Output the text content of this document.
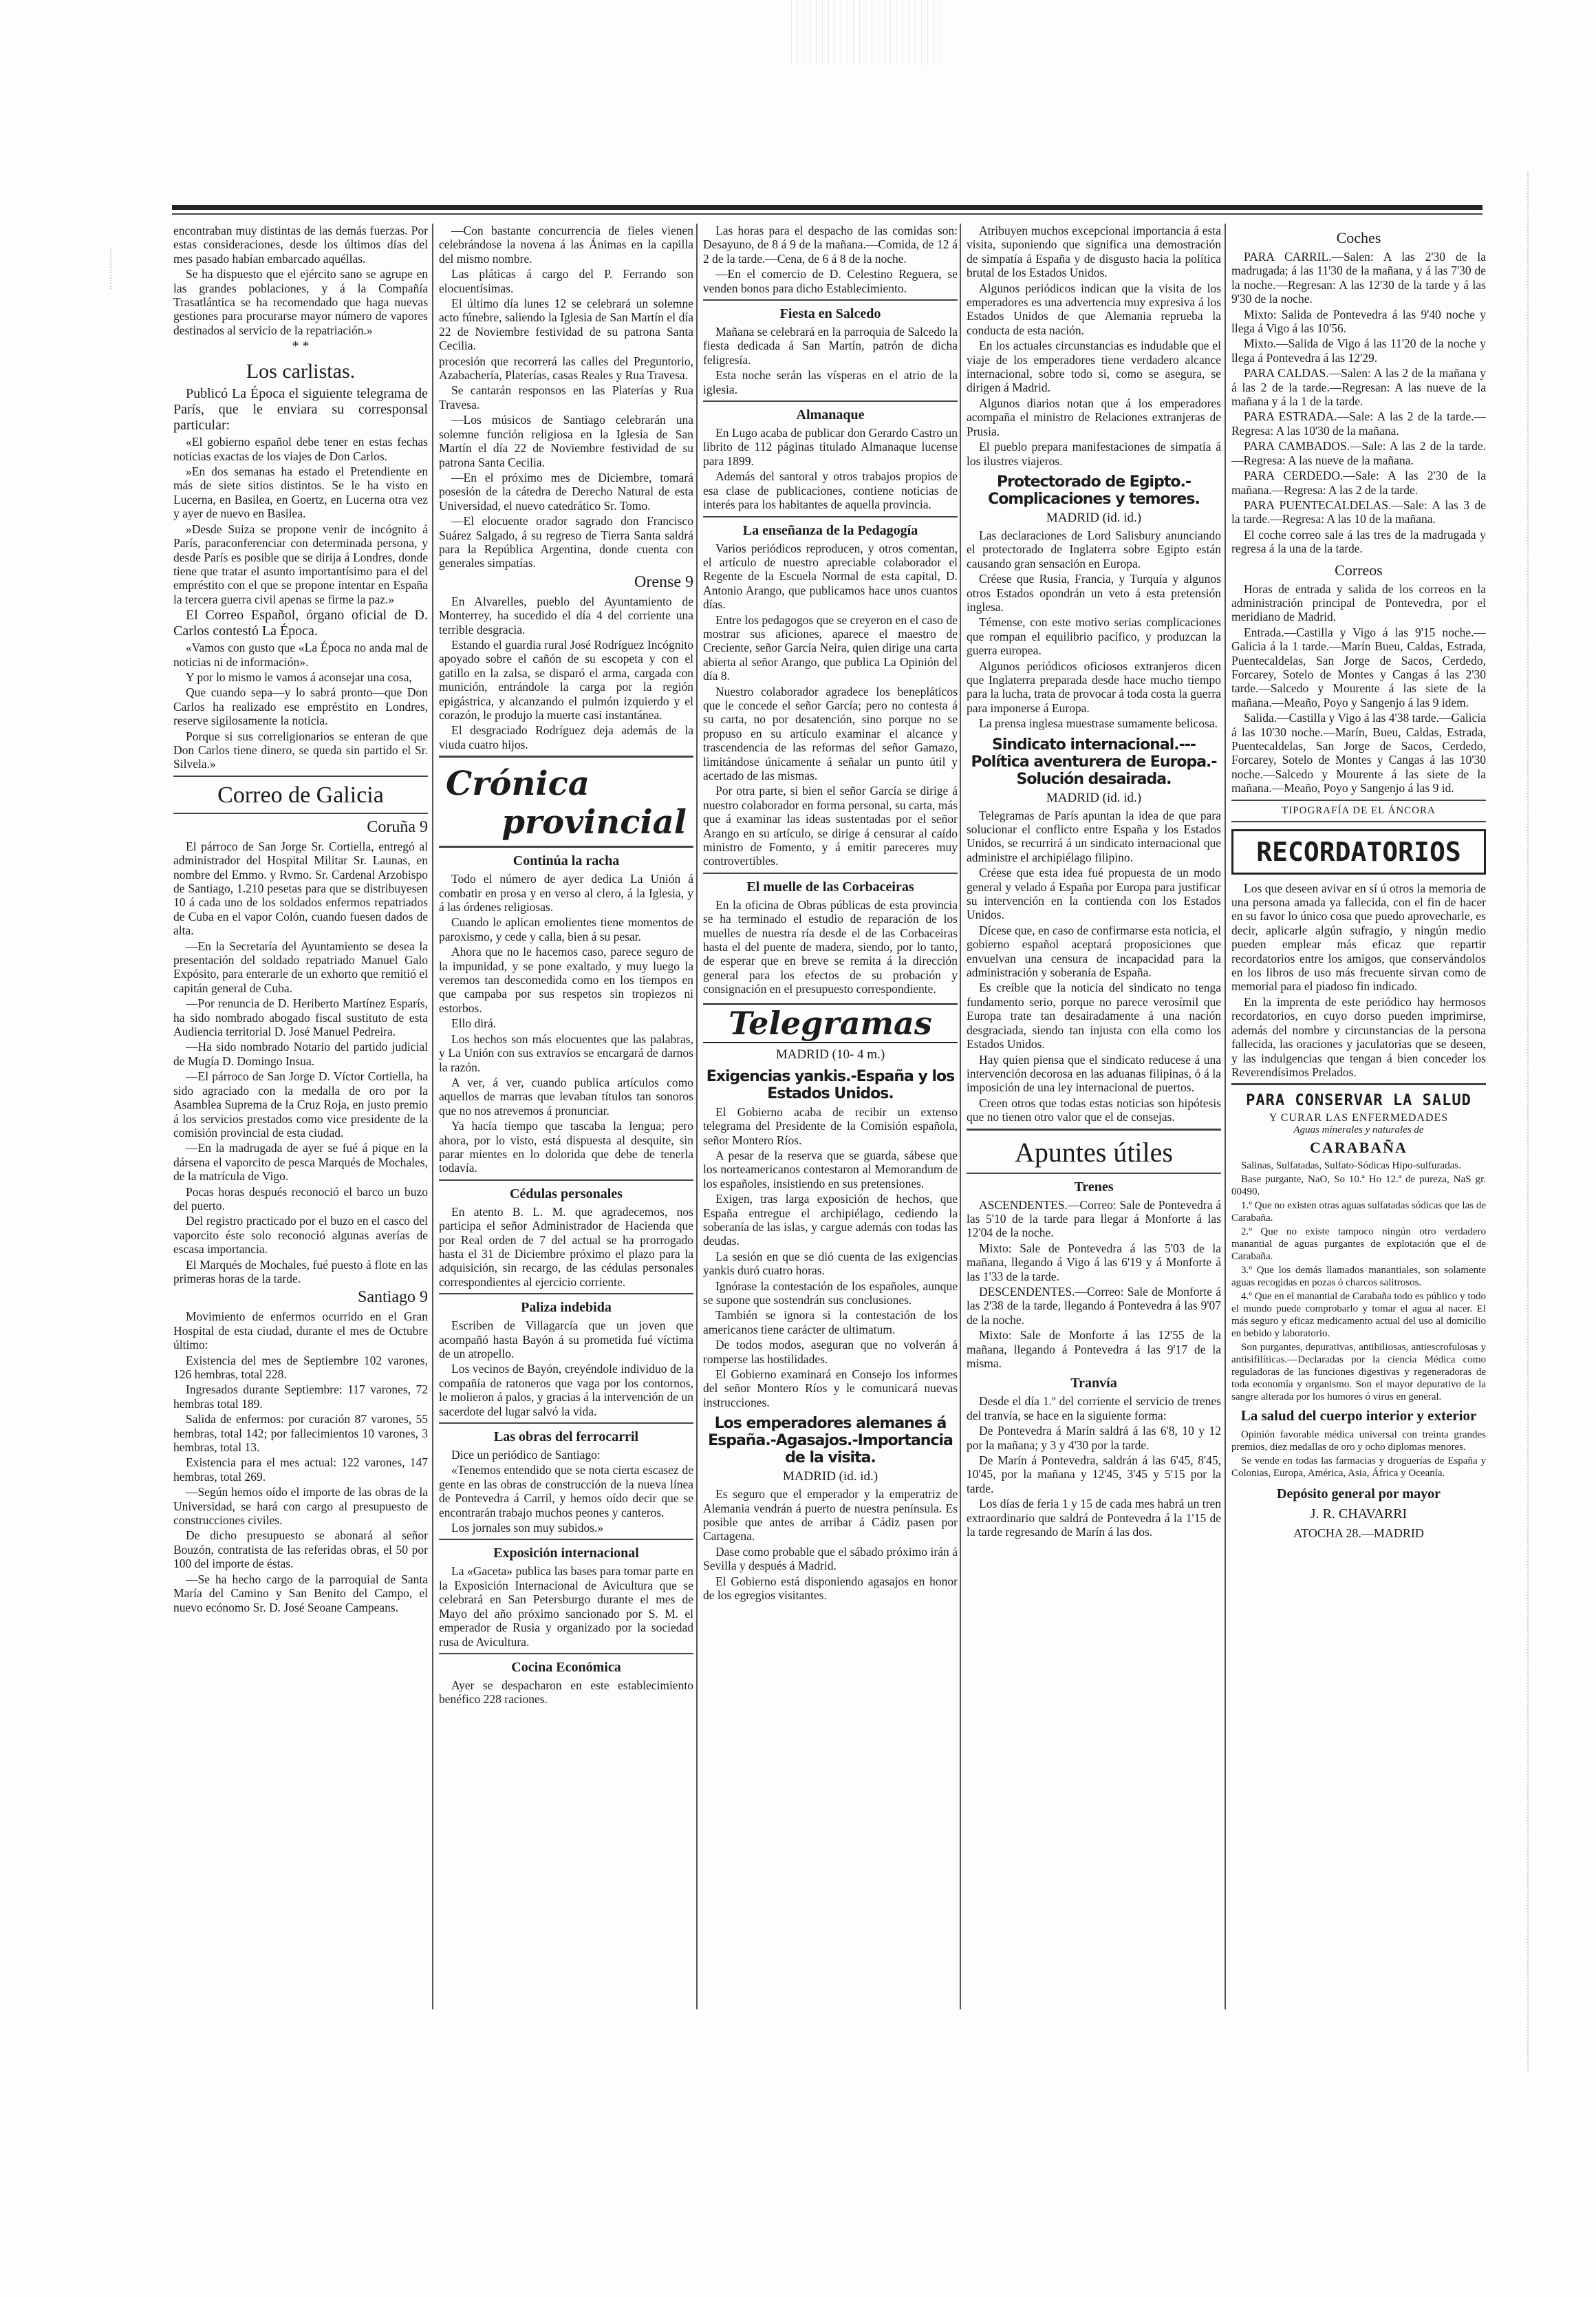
encontraban muy distintas de las demás fuerzas. Por estas consideraciones, desde los últimos días del mes pasado habían embarcado aquéllas.

Se ha dispuesto que el ejército sano se agrupe en las grandes poblaciones, y á la Compañía Trasatlántica se ha recomendado que haga nuevas gestiones para procurarse mayor número de vapores destinados al servicio de la repatriación.»

* *
Los carlistas.

Publicó La Época el siguiente telegrama de París, que le enviara su corresponsal particular:

«El gobierno español debe tener en estas fechas noticias exactas de los viajes de Don Carlos.

»En dos semanas ha estado el Pretendiente en más de siete sitios distintos. Se le ha visto en Lucerna, en Basilea, en Goertz, en Lucerna otra vez y ayer de nuevo en Basilea.

»Desde Suiza se propone venir de incógnito á París, paraconferenciar con determinada persona, y desde París es posible que se dirija á Londres, donde tiene que tratar el asunto importantísimo para el del empréstito con el que se propone intentar en España la tercera guerra civil apenas se firme la paz.»

El Correo Español, órgano oficial de D. Carlos contestó La Época.

«Vamos con gusto que «La Época no anda mal de noticias ni de información».

Y por lo mismo le vamos á aconsejar una cosa,

Que cuando sepa—y lo sabrá pronto—que Don Carlos ha realizado ese empréstito en Londres, reserve sigilosamente la noticia.

Porque si sus correligionarios se enteran de que Don Carlos tiene dinero, se queda sin partido el Sr. Silvela.»

Correo de Galicia
Coruña 9

El párroco de San Jorge Sr. Cortiella, entregó al administrador del Hospital Militar Sr. Launas, en nombre del Emmo. y Rvmo. Sr. Cardenal Arzobispo de Santiago, 1.210 pesetas para que se distribuyesen 10 á cada uno de los soldados enfermos repatriados de Cuba en el vapor Colón, cuando fuesen dados de alta.

—En la Secretaría del Ayuntamiento se desea la presentación del soldado repatriado Manuel Galo Expósito, para enterarle de un exhorto que remitió el capitán general de Cuba.

—Por renuncia de D. Heriberto Martínez Esparís, ha sido nombrado abogado fiscal sustituto de esta Audiencia territorial D. José Manuel Pedreira.

—Ha sido nombrado Notario del partido judicial de Mugía D. Domingo Insua.

—El párroco de San Jorge D. Víctor Cortiella, ha sido agraciado con la medalla de oro por la Asamblea Suprema de la Cruz Roja, en justo premio á los servicios prestados como vice presidente de la comisión provincial de esta ciudad.

—En la madrugada de ayer se fué á pique en la dársena el vaporcito de pesca Marqués de Mochales, de la matrícula de Vigo.

Pocas horas después reconoció el barco un buzo del puerto.

Del registro practicado por el buzo en el casco del vaporcito éste solo reconoció algunas averías de escasa importancia.

El Marqués de Mochales, fué puesto á flote en las primeras horas de la tarde.

Santiago 9

Movimiento de enfermos ocurrido en el Gran Hospital de esta ciudad, durante el mes de Octubre último:

Existencia del mes de Septiembre 102 varones, 126 hembras, total 228.

Ingresados durante Septiembre: 117 varones, 72 hembras total 189.

Salida de enfermos: por curación 87 varones, 55 hembras, total 142; por fallecimientos 10 varones, 3 hembras, total 13.

Existencia para el mes actual: 122 varones, 147 hembras, total 269.

—Según hemos oído el importe de las obras de la Universidad, se hará con cargo al presupuesto de construcciones civiles.

De dicho presupuesto se abonará al señor Bouzón, contratista de las referidas obras, el 50 por 100 del importe de éstas.

—Se ha hecho cargo de la parroquial de Santa María del Camino y San Benito del Campo, el nuevo ecónomo Sr. D. José Seoane Campeans.

—Con bastante concurrencia de fieles vienen celebrándose la novena á las Ánimas en la capilla del mismo nombre.

Las pláticas á cargo del P. Ferrando son elocuentísimas.

El último día lunes 12 se celebrará un solemne acto fúnebre, saliendo la Iglesia de San Martín el día 22 de Noviembre festividad de su patrona Santa Cecilia.

procesión que recorrerá las calles del Preguntorio, Azabachería, Platerías, casas Reales y Rua Travesa.

Se cantarán responsos en las Platerías y Rua Travesa.

—Los músicos de Santiago celebrarán una solemne función religiosa en la Iglesia de San Martín el día 22 de Noviembre festividad de su patrona Santa Cecilia.

—En el próximo mes de Diciembre, tomará posesión de la cátedra de Derecho Natural de esta Universidad, el nuevo catedrático Sr. Tomo.

—El elocuente orador sagrado don Francisco Suárez Salgado, á su regreso de Tierra Santa saldrá para la República Argentina, donde cuenta con generales simpatías.

Orense 9

En Alvarelles, pueblo del Ayuntamiento de Monterrey, ha sucedido el día 4 del corriente una terrible desgracia.

Estando el guardia rural José Rodríguez Incógnito apoyado sobre el cañón de su escopeta y con el gatillo en la zalsa, se disparó el arma, cargada con munición, entrándole la carga por la región epigástrica, y alcanzando el pulmón izquierdo y el corazón, le produjo la muerte casi instantánea.

El desgraciado Rodríguez deja además de la viuda cuatro hijos.

Crónica
provincial
Continúa la racha

Todo el número de ayer dedica La Unión á combatir en prosa y en verso al clero, á la Iglesia, y á las órdenes religiosas.

Cuando le aplican emolientes tiene momentos de paroxismo, y cede y calla, bien á su pesar.

Ahora que no le hacemos caso, parece seguro de la impunidad, y se pone exaltado, y muy luego la veremos tan descomedida como en los tiempos en que campaba por sus respetos sin tropiezos ni estorbos.

Ello dirá.

Los hechos son más elocuentes que las palabras, y La Unión con sus extravíos se encargará de darnos la razón.

A ver, á ver, cuando publica artículos como aquellos de marras que levaban títulos tan sonoros que no nos atrevemos á pronunciar.

Ya hacía tiempo que tascaba la lengua; pero ahora, por lo visto, está dispuesta al desquite, sin parar mientes en lo dolorida que debe de tenerla todavía.

Cédulas personales

En atento B. L. M. que agradecemos, nos participa el señor Administrador de Hacienda que por Real orden de 7 del actual se ha prorrogado hasta el 31 de Diciembre próximo el plazo para la adquisición, sin recargo, de las cédulas personales correspondientes al ejercicio corriente.

Paliza indebida

Escriben de Villagarcía que un joven que acompañó hasta Bayón á su prometida fué víctima de un atropello.

Los vecinos de Bayón, creyéndole individuo de la compañía de ratoneros que vaga por los contornos, le molieron á palos, y gracias á la intervención de un sacerdote del lugar salvó la vida.

Las obras del ferrocarril

Dice un periódico de Santiago:

«Tenemos entendido que se nota cierta escasez de gente en las obras de construcción de la nueva línea de Pontevedra á Carril, y hemos oído decir que se encontrarán trabajo muchos peones y canteros.

Los jornales son muy subidos.»

Exposición internacional

La «Gaceta» publica las bases para tomar parte en la Exposición Internacional de Avicultura que se celebrará en San Petersburgo durante el mes de Mayo del año próximo sancionado por S. M. el emperador de Rusia y organizado por la sociedad rusa de Avicultura.

Cocina Económica

Ayer se despacharon en este establecimiento benéfico 228 raciones.

Las horas para el despacho de las comidas son: Desayuno, de 8 á 9 de la mañana.—Comida, de 12 á 2 de la tarde.—Cena, de 6 á 8 de la noche.

—En el comercio de D. Celestino Reguera, se venden bonos para dicho Establecimiento.

Fiesta en Salcedo

Mañana se celebrará en la parroquia de Salcedo la fiesta dedicada á San Martín, patrón de dicha feligresía.

Esta noche serán las vísperas en el atrio de la iglesia.

Almanaque

En Lugo acaba de publicar don Gerardo Castro un librito de 112 páginas titulado Almanaque lucense para 1899.

Además del santoral y otros trabajos propios de esa clase de publicaciones, contiene noticias de interés para los habitantes de aquella provincia.

La enseñanza de la Pedagogía

Varios periódicos reproducen, y otros comentan, el artículo de nuestro apreciable colaborador el Regente de la Escuela Normal de esta capital, D. Antonio Arango, que publicamos hace unos cuantos días.

Entre los pedagogos que se creyeron en el caso de mostrar sus aficiones, aparece el maestro de Creciente, señor García Neira, quien dirige una carta abierta al señor Arango, que publica La Opinión del día 8.

Nuestro colaborador agradece los benepláticos que le concede el señor García; pero no contesta á su carta, no por desatención, sino porque no se propuso en su artículo examinar el alcance y trascendencia de las reformas del señor Gamazo, limitándose únicamente á señalar un punto útil y acertado de las mismas.

Por otra parte, si bien el señor García se dirige á nuestro colaborador en forma personal, su carta, más que á examinar las ideas sustentadas por el señor Arango en su artículo, se dirige á censurar al caído ministro de Fomento, y á emitir pareceres muy controvertibles.

El muelle de las Corbaceiras

En la oficina de Obras públicas de esta provincia se ha terminado el estudio de reparación de los muelles de nuestra ría desde el de las Corbaceiras hasta el del puente de madera, siendo, por lo tanto, de esperar que en breve se remita á la dirección general para los efectos de su probación y consignación en el presupuesto correspondiente.

Telegramas
MADRID (10- 4 m.)
Exigencias yankis.-España y los Estados Unidos.

El Gobierno acaba de recibir un extenso telegrama del Presidente de la Comisión española, señor Montero Ríos.

A pesar de la reserva que se guarda, sábese que los norteamericanos contestaron al Memorandum de los españoles, insistiendo en sus pretensiones.

Exigen, tras larga exposición de hechos, que España entregue el archipiélago, cediendo la soberanía de las islas, y cargue además con todas las deudas.

La sesión en que se dió cuenta de las exigencias yankis duró cuatro horas.

Ignórase la contestación de los españoles, aunque se supone que sostendrán sus conclusiones.

También se ignora si la contestación de los americanos tiene carácter de ultimatum.

De todos modos, aseguran que no volverán á romperse las hostilidades.

El Gobierno examinará en Consejo los informes del señor Montero Ríos y le comunicará nuevas instrucciones.

Los emperadores alemanes á España.-Agasajos.-Importancia de la visita.
MADRID (id. id.)

Es seguro que el emperador y la emperatriz de Alemania vendrán á puerto de nuestra península. Es posible que antes de arribar á Cádiz pasen por Cartagena.

Dase como probable que el sábado próximo irán á Sevilla y después á Madrid.

El Gobierno está disponiendo agasajos en honor de los egregios visitantes.

Atribuyen muchos excepcional importancia á esta visita, suponiendo que significa una demostración de simpatía á España y de disgusto hacia la política brutal de los Estados Unidos.

Algunos periódicos indican que la visita de los emperadores es una advertencia muy expresiva á los Estados Unidos de que Alemania reprueba la conducta de esta nación.

En los actuales circunstancias es indudable que el viaje de los emperadores tiene verdadero alcance internacional, sobre todo si, como se asegura, se dirigen á Madrid.

Algunos diarios notan que á los emperadores acompaña el ministro de Relaciones extranjeras de Prusia.

El pueblo prepara manifestaciones de simpatía á los ilustres viajeros.

Protectorado de Egipto.-Complicaciones y temores.
MADRID (id. id.)

Las declaraciones de Lord Salisbury anunciando el protectorado de Inglaterra sobre Egipto están causando gran sensación en Europa.

Créese que Rusia, Francia, y Turquía y algunos otros Estados opondrán un veto á esta pretensión inglesa.

Témense, con este motivo serias complicaciones que rompan el equilibrio pacífico, y produzcan la guerra europea.

Algunos periódicos oficiosos extranjeros dicen que Inglaterra preparada desde hace mucho tiempo para la lucha, trata de provocar á toda costa la guerra para imponerse á Europa.

La prensa inglesa muestrase sumamente belicosa.

Sindicato internacional.---Política aventurera de Europa.-Solución desairada.
MADRID (id. id.)

Telegramas de París apuntan la idea de que para solucionar el conflicto entre España y los Estados Unidos, se recurrirá á un sindicato internacional que administre el archipiélago filipino.

Créese que esta idea fué propuesta de un modo general y velado á España por Europa para justificar su intervención en la contienda con los Estados Unidos.

Dícese que, en caso de confirmarse esta noticia, el gobierno español aceptará proposiciones que envuelvan una censura de incapacidad para la administración y soberanía de España.

Es creíble que la noticia del sindicato no tenga fundamento serio, porque no parece verosímil que Europa trate tan desairadamente á una nación desgraciada, siendo tan injusta con ella como los Estados Unidos.

Hay quien piensa que el sindicato reducese á una intervención decorosa en las aduanas filipinas, ó á la imposición de una ley internacional de puertos.

Creen otros que todas estas noticias son hipótesis que no tienen otro valor que el de consejas.

Apuntes útiles
Trenes

ASCENDENTES.—Correo: Sale de Pontevedra á las 5'10 de la tarde para llegar á Monforte á las 12'04 de la noche.

Mixto: Sale de Pontevedra á las 5'03 de la mañana, llegando á Vigo á las 6'19 y á Monforte á las 1'33 de la tarde.

DESCENDENTES.—Correo: Sale de Monforte á las 2'38 de la tarde, llegando á Pontevedra á las 9'07 de la noche.

Mixto: Sale de Monforte á las 12'55 de la mañana, llegando á Pontevedra á las 9'17 de la misma.

Tranvía

Desde el día 1.º del corriente el servicio de trenes del tranvía, se hace en la siguiente forma:

De Pontevedra á Marín saldrá á las 6'8, 10 y 12 por la mañana; y 3 y 4'30 por la tarde.

De Marín á Pontevedra, saldrán á las 6'45, 8'45, 10'45, por la mañana y 12'45, 3'45 y 5'15 por la tarde.

Los días de feria 1 y 15 de cada mes habrá un tren extraordinario que saldrá de Pontevedra á la 1'15 de la tarde regresando de Marín á las dos.

Coches

PARA CARRIL.—Salen: A las 2'30 de la madrugada; á las 11'30 de la mañana, y á las 7'30 de la noche.—Regresan: A las 12'30 de la tarde y á las 9'30 de la noche.

Mixto: Salida de Pontevedra á las 9'40 noche y llega á Vigo á las 10'56.

Mixto.—Salida de Vigo á las 11'20 de la noche y llega á Pontevedra á las 12'29.

PARA CALDAS.—Salen: A las 2 de la mañana y á las 2 de la tarde.—Regresan: A las nueve de la mañana y á la 1 de la tarde.

PARA ESTRADA.—Sale: A las 2 de la tarde.—Regresa: A las 10'30 de la mañana.

PARA CAMBADOS.—Sale: A las 2 de la tarde.—Regresa: A las nueve de la mañana.

PARA CERDEDO.—Sale: A las 2'30 de la mañana.—Regresa: A las 2 de la tarde.

PARA PUENTECALDELAS.—Sale: A las 3 de la tarde.—Regresa: A las 10 de la mañana.

El coche correo sale á las tres de la madrugada y regresa á la una de la tarde.

Correos

Horas de entrada y salida de los correos en la administración principal de Pontevedra, por el meridiano de Madrid.

Entrada.—Castilla y Vigo á las 9'15 noche.—Galicia á la 1 tarde.—Marín Bueu, Caldas, Estrada, Puentecaldelas, San Jorge de Sacos, Cerdedo, Forcarey, Sotelo de Montes y Cangas á las 2'30 tarde.—Salcedo y Mourente á las siete de la mañana.—Meaño, Poyo y Sangenjo á las 9 idem.

Salida.—Castilla y Vigo á las 4'38 tarde.—Galicia á las 10'30 noche.—Marín, Bueu, Caldas, Estrada, Puentecaldelas, San Jorge de Sacos, Cerdedo, Forcarey, Sotelo de Montes y Cangas á las 10'30 noche.—Salcedo y Mourente á las siete de la mañana.—Meaño, Poyo y Sangenjo á las 9 id.

TIPOGRAFÍA DE EL ÁNCORA
RECORDATORIOS

Los que deseen avivar en sí ú otros la memoria de una persona amada ya fallecida, con el fin de hacer en su favor lo único cosa que puedo aprovecharle, es decir, aplicarle algún sufragio, y ningún medio pueden emplear más eficaz que repartir recordatorios entre los amigos, que conservándolos en los libros de uso más frecuente sirvan como de memorial para el piadoso fin indicado.

En la imprenta de este periódico hay hermosos recordatorios, en cuyo dorso pueden imprimirse, además del nombre y circunstancias de la persona fallecida, las oraciones y jaculatorias que se deseen, y las indulgencias que tengan á bien conceder los Reverendísimos Prelados.

PARA CONSERVAR LA SALUD
Y CURAR LAS ENFERMEDADES
Aguas minerales y naturales de
CARABAÑA

Salinas, Sulfatadas, Sulfato-Sódicas Hipo-sulfuradas.

Base purgante, NaO, So 10.ª Ho 12.ª de pureza, NaS gr. 00490.

1.º Que no existen otras aguas sulfatadas sódicas que las de Carabaña.

2.º Que no existe tampoco ningún otro verdadero manantial de aguas purgantes de explotación que el de Carabaña.

3.º Que los demás llamados manantiales, son solamente aguas recogidas en pozas ó charcos salitrosos.

4.º Que en el manantial de Carabaña todo es público y todo el mundo puede comprobarlo y tomar el agua al nacer. El más seguro y eficaz medicamento actual del uso al domicilio en bebido y laboratorio.

Son purgantes, depurativas, antibiliosas, antiescrofulosas y antisifilíticas.—Declaradas por la ciencia Médica como reguladoras de las funciones digestivas y regeneradoras de toda economía y organismo. Son el mayor depurativo de la sangre alterada por los humores ó virus en general.

La salud del cuerpo interior y exterior

Opinión favorable médica universal con treinta grandes premios, diez medallas de oro y ocho diplomas menores.

Se vende en todas las farmacias y droguerías de España y Colonias, Europa, América, Asia, África y Oceanía.

Depósito general por mayor
J. R. CHAVARRI
ATOCHA 28.—MADRID
